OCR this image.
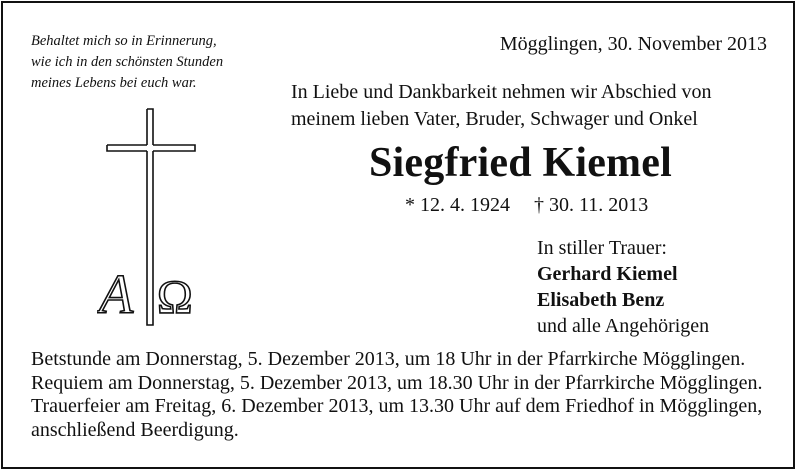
Behaltet mich so in Erinnerung,
wie ich in den schönsten Stunden
meines Lebens bei euch war.
Mögglingen, 30. November 2013
In Liebe und Dankbarkeit nehmen wir Abschied von
meinem lieben Vater, Bruder, Schwager und Onkel
Siegfried Kiemel
* 12. 4. 1924 † 30. 11. 2013
In stiller Trauer:
Gerhard Kiemel
Elisabeth Benz
und alle Angehörigen
Betstunde am Donnerstag, 5. Dezember 2013, um 18 Uhr in der Pfarrkirche Mögglingen.
Requiem am Donnerstag, 5. Dezember 2013, um 18.30 Uhr in der Pfarrkirche Mögglingen.
Trauerfeier am Freitag, 6. Dezember 2013, um 13.30 Uhr auf dem Friedhof in Mögglingen,
anschließend Beerdigung.
A Ω
